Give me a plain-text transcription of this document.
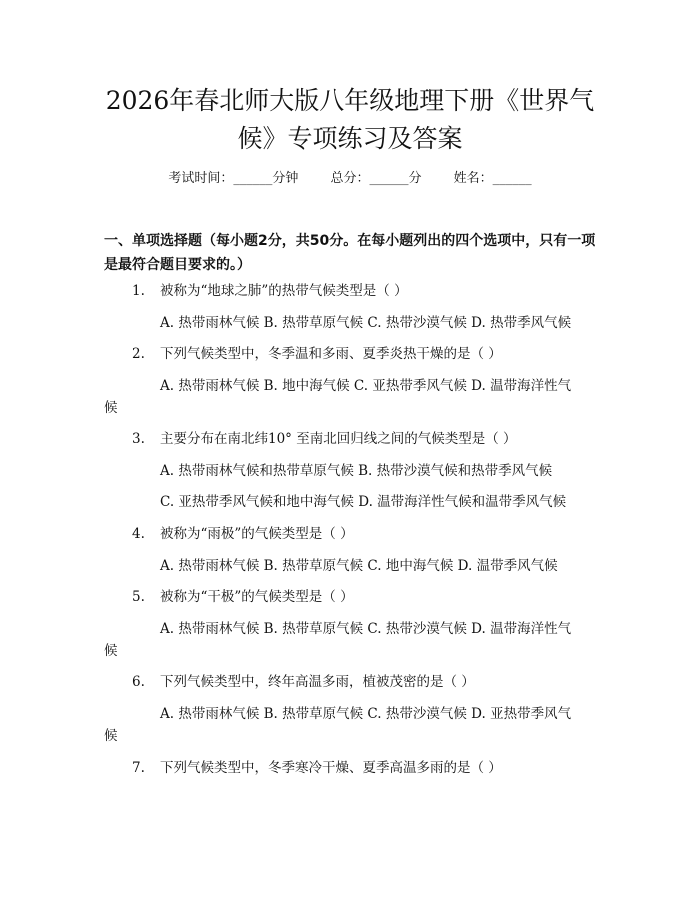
2026年春北师大版八年级地理下册《世界气
候》专项练习及答案
考试时间：______分钟 总分：______分 姓名：______
一、单项选择题（每小题2分，共50分。在每小题列出的四个选项中，只有一项
是最符合题目要求的。）
1. 被称为“地球之肺”的热带气候类型是（ ）
A. 热带雨林气候 B. 热带草原气候 C. 热带沙漠气候 D. 热带季风气候
2. 下列气候类型中，冬季温和多雨、夏季炎热干燥的是（ ）
A. 热带雨林气候 B. 地中海气候 C. 亚热带季风气候 D. 温带海洋性气
候
3. 主要分布在南北纬10° 至南北回归线之间的气候类型是（ ）
A. 热带雨林气候和热带草原气候 B. 热带沙漠气候和热带季风气候
C. 亚热带季风气候和地中海气候 D. 温带海洋性气候和温带季风气候
4. 被称为“雨极”的气候类型是（ ）
A. 热带雨林气候 B. 热带草原气候 C. 地中海气候 D. 温带季风气候
5. 被称为“干极”的气候类型是（ ）
A. 热带雨林气候 B. 热带草原气候 C. 热带沙漠气候 D. 温带海洋性气
候
6. 下列气候类型中，终年高温多雨，植被茂密的是（ ）
A. 热带雨林气候 B. 热带草原气候 C. 热带沙漠气候 D. 亚热带季风气
候
7. 下列气候类型中，冬季寒冷干燥、夏季高温多雨的是（ ）
